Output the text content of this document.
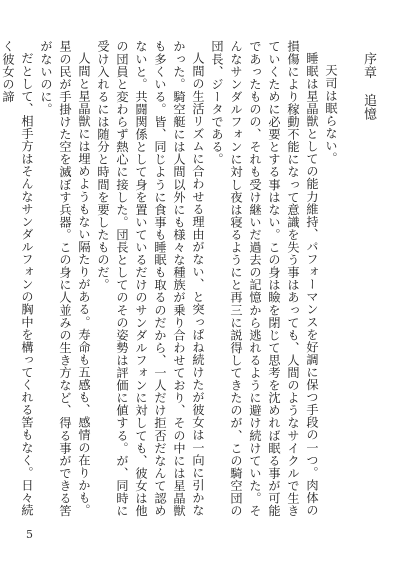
序章　　追憶

天司は眠らない。

睡眠は星晶獣としての能力維持、パフォーマンスを好調に保つ手段の一つ。肉体の損傷により稼動不能になって意識を失う事はあっても、人間のようなサイクルで生きていくために必要とする事はない。この身は瞼を閉じて思考を沈めれば眠る事が可能であったものの、それも受け継いだ過去の記憶から逃れるように避け続けていた。そんなサンダルフォンに対し夜は寝るようにと再三に説得してきたのが、この騎空団の団長、ジータである。

人間の生活リズムに合わせる理由がない、と突っぱね続けたが彼女は一向に引かなかった。騎空艇には人間以外にも様々な種族が乗り合わせており、その中には星晶獣も多くいる。皆、同じように食事も睡眠も取るのだから、一人だけ拒否だなんて認めないと。共闘関係として身を置いているだけのサンダルフォンに対しても、彼女は他の団員と変わらず熱心に接した。団長としてのその姿勢は評価に値する。が、同時に受け入れるには随分と時間を要したものだ。

人間と星晶獣には埋めようもない隔たりがある。寿命も五感も、感情の在りかも。星の民が手掛けた空を滅ぼす兵器。この身に人並みの生き方など、得る事ができる筈がないのに。

だとして、相手方はそんなサンダルフォンの胸中を構ってくれる筈もなく。日々続く彼女の諦

5
